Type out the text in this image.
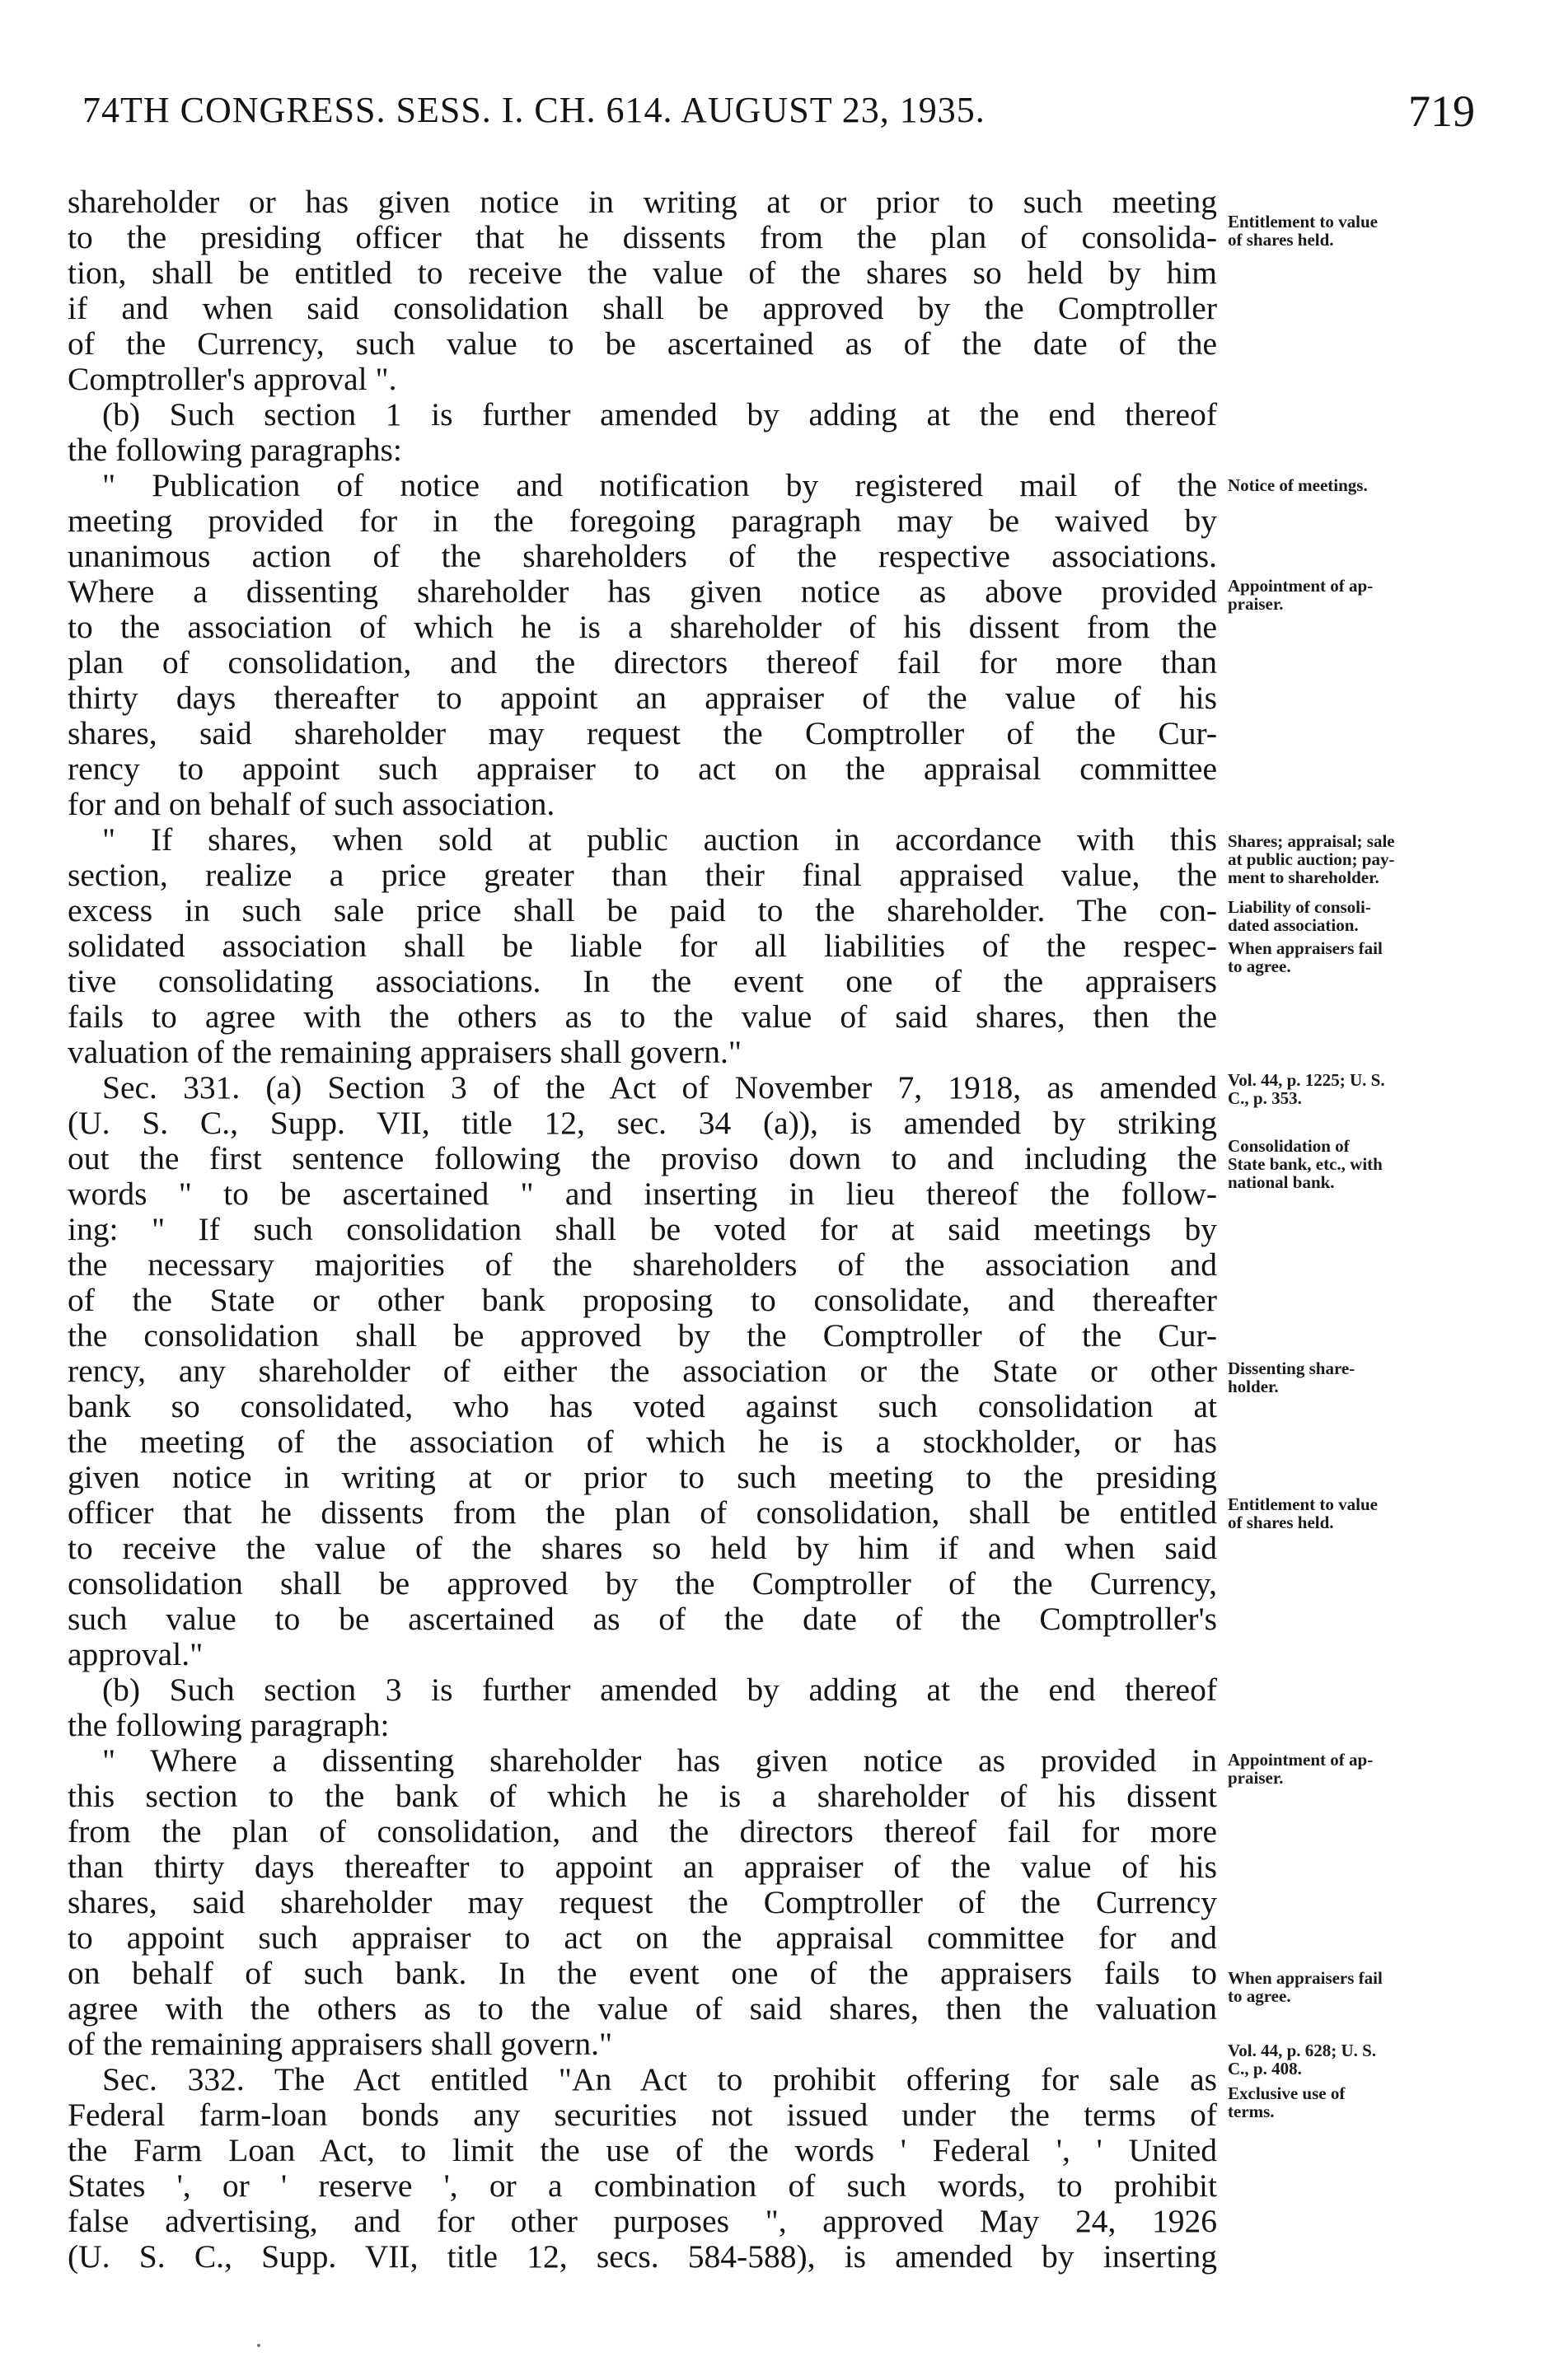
74TH CONGRESS. SESS. I. CH. 614. AUGUST 23, 1935.	719
shareholder or has given notice in writing at or prior to such meeting
to the presiding officer that he dissents from the plan of consolida-
tion, shall be entitled to receive the value of the shares so held by him
if and when said consolidation shall be approved by the Comptroller
of the Currency, such value to be ascertained as of the date of the
Comptroller's approval ".
(b) Such section 1 is further amended by adding at the end thereof
the following paragraphs:
" Publication of notice and notification by registered mail of the
meeting provided for in the foregoing paragraph may be waived by
unanimous action of the shareholders of the respective associations.
Where a dissenting shareholder has given notice as above provided
to the association of which he is a shareholder of his dissent from the
plan of consolidation, and the directors thereof fail for more than
thirty days thereafter to appoint an appraiser of the value of his
shares, said shareholder may request the Comptroller of the Cur-
rency to appoint such appraiser to act on the appraisal committee
for and on behalf of such association.
" If shares, when sold at public auction in accordance with this
section, realize a price greater than their final appraised value, the
excess in such sale price shall be paid to the shareholder. The con-
solidated association shall be liable for all liabilities of the respec-
tive consolidating associations. In the event one of the appraisers
fails to agree with the others as to the value of said shares, then the
valuation of the remaining appraisers shall govern."
Sec. 331. (a) Section 3 of the Act of November 7, 1918, as amended
(U. S. C., Supp. VII, title 12, sec. 34 (a)), is amended by striking
out the first sentence following the proviso down to and including the
words " to be ascertained " and inserting in lieu thereof the follow-
ing: " If such consolidation shall be voted for at said meetings by
the necessary majorities of the shareholders of the association and
of the State or other bank proposing to consolidate, and thereafter
the consolidation shall be approved by the Comptroller of the Cur-
rency, any shareholder of either the association or the State or other
bank so consolidated, who has voted against such consolidation at
the meeting of the association of which he is a stockholder, or has
given notice in writing at or prior to such meeting to the presiding
officer that he dissents from the plan of consolidation, shall be entitled
to receive the value of the shares so held by him if and when said
consolidation shall be approved by the Comptroller of the Currency,
such value to be ascertained as of the date of the Comptroller's
approval."
(b) Such section 3 is further amended by adding at the end thereof
the following paragraph:
" Where a dissenting shareholder has given notice as provided in
this section to the bank of which he is a shareholder of his dissent
from the plan of consolidation, and the directors thereof fail for more
than thirty days thereafter to appoint an appraiser of the value of his
shares, said shareholder may request the Comptroller of the Currency
to appoint such appraiser to act on the appraisal committee for and
on behalf of such bank. In the event one of the appraisers fails to
agree with the others as to the value of said shares, then the valuation
of the remaining appraisers shall govern."
Sec. 332. The Act entitled "An Act to prohibit offering for sale as
Federal farm-loan bonds any securities not issued under the terms of
the Farm Loan Act, to limit the use of the words ' Federal ', ' United
States ', or ' reserve ', or a combination of such words, to prohibit
false advertising, and for other purposes ", approved May 24, 1926
(U. S. C., Supp. VII, title 12, secs. 584-588), is amended by inserting
Entitlement to value
of shares held.
Notice of meetings.
Appointment of ap-
praiser.
Shares; appraisal; sale
at public auction; pay-
ment to shareholder.
Liability of consoli-
dated association.
When appraisers fail
to agree.
Vol. 44, p. 1225; U. S.
C., p. 353.
Consolidation of
State bank, etc., with
national bank.
Dissenting share-
holder.
Entitlement to value
of shares held.
Appointment of ap-
praiser.
When appraisers fail
to agree.
Vol. 44, p. 628; U. S.
C., p. 408.
Exclusive use of
terms.
